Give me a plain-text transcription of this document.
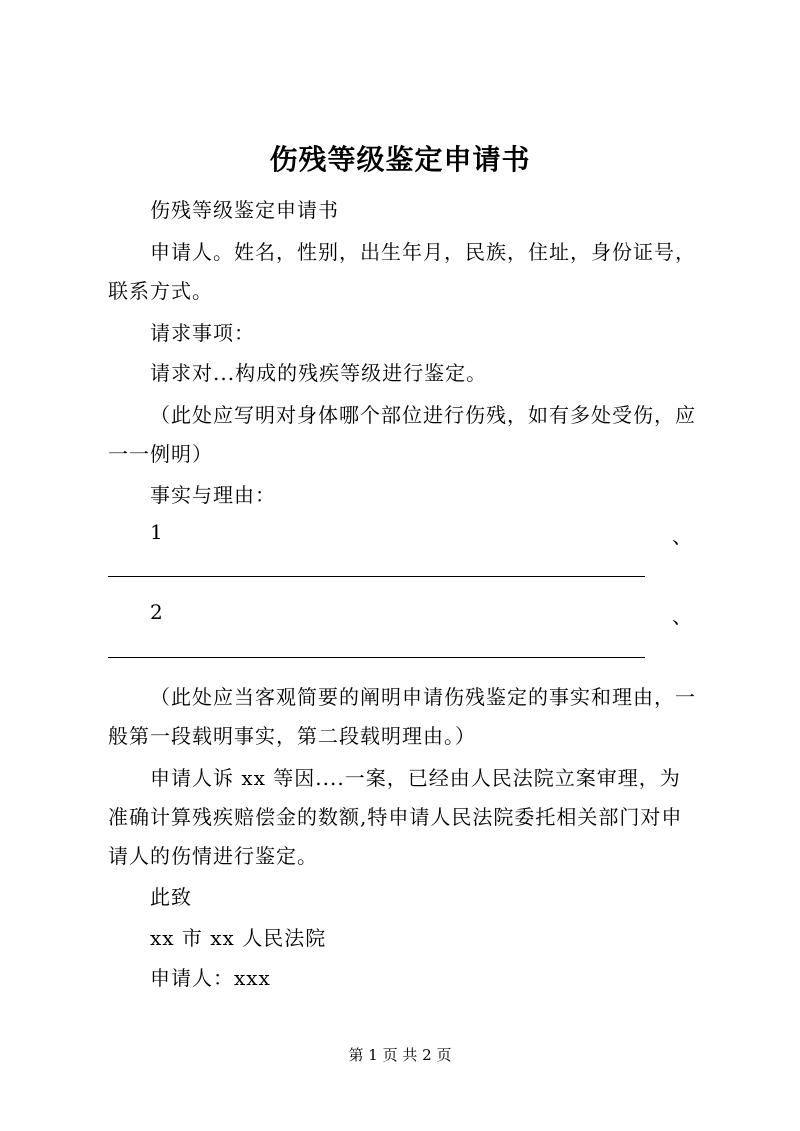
伤残等级鉴定申请书
伤残等级鉴定申请书
申请人。姓名，性别，出生年月，民族，住址，身份证号，
联系方式。
请求事项：
请求对...构成的残疾等级进行鉴定。
（此处应写明对身体哪个部位进行伤残，如有多处受伤，应
一一例明）
事实与理由：
1	、
2	、
（此处应当客观简要的阐明申请伤残鉴定的事实和理由，一
般第一段载明事实，第二段载明理由。）
申请人诉 xx 等因....一案，已经由人民法院立案审理，为
准确计算残疾赔偿金的数额,特申请人民法院委托相关部门对申
请人的伤情进行鉴定。
此致
xx 市 xx 人民法院
申请人：xxx
第 1 页 共 2 页
